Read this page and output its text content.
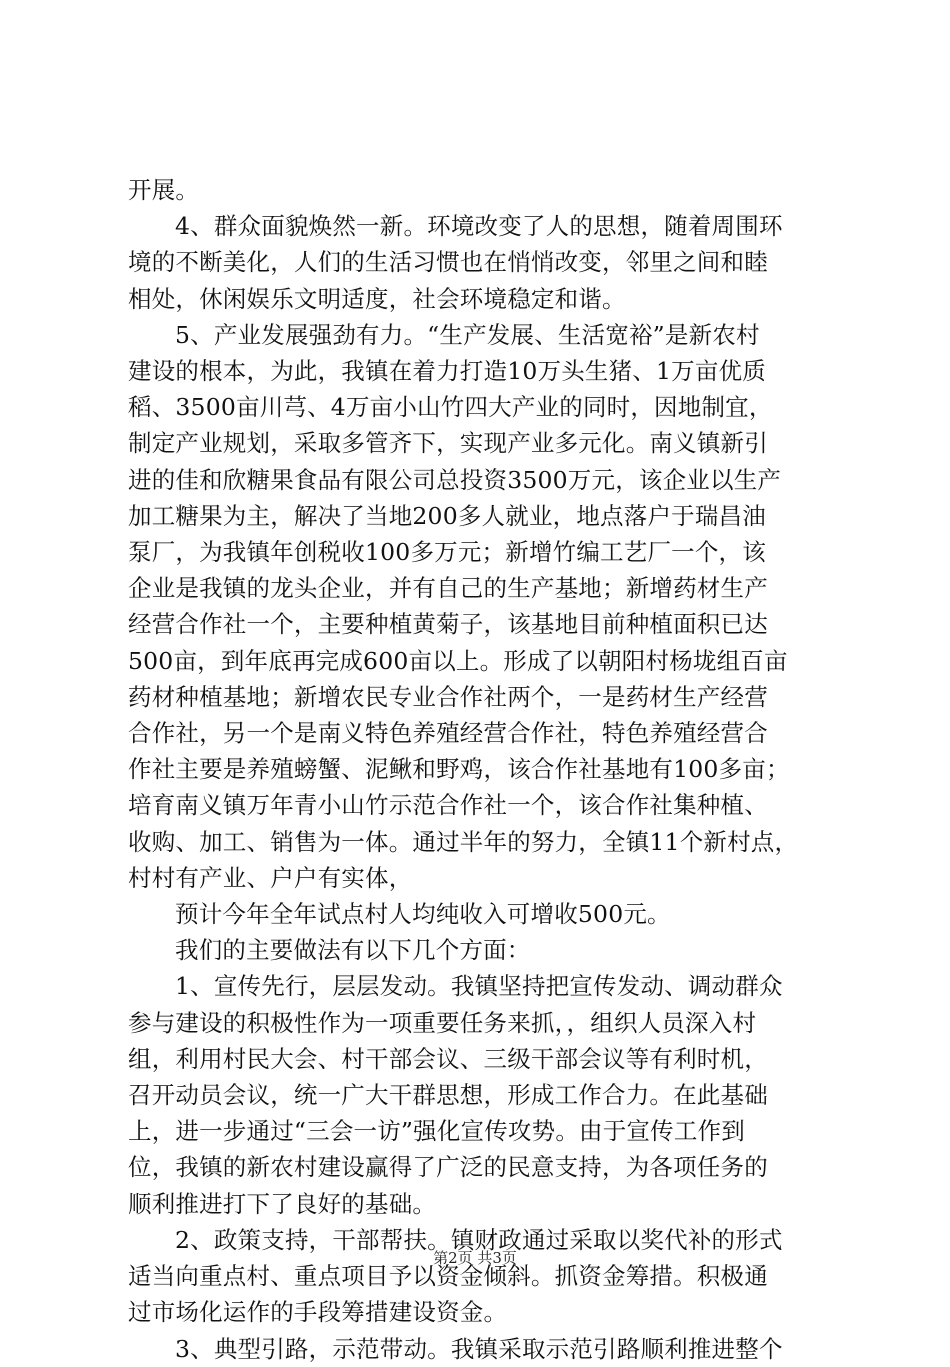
开展。

4、群众面貌焕然一新。环境改变了人的思想，随着周围环
境的不断美化，人们的生活习惯也在悄悄改变，邻里之间和睦
相处，休闲娱乐文明适度，社会环境稳定和谐。

5、产业发展强劲有力。“生产发展、生活宽裕”是新农村
建设的根本，为此，我镇在着力打造10万头生猪、1万亩优质
稻、3500亩川芎、4万亩小山竹四大产业的同时，因地制宜，
制定产业规划，采取多管齐下，实现产业多元化。南义镇新引
进的佳和欣糖果食品有限公司总投资3500万元，该企业以生产
加工糖果为主，解决了当地200多人就业，地点落户于瑞昌油
泵厂，为我镇年创税收100多万元；新增竹编工艺厂一个，该
企业是我镇的龙头企业，并有自己的生产基地；新增药材生产
经营合作社一个，主要种植黄菊子，该基地目前种植面积已达
500亩，到年底再完成600亩以上。形成了以朝阳村杨垅组百亩
药材种植基地；新增农民专业合作社两个，一是药材生产经营
合作社，另一个是南义特色养殖经营合作社，特色养殖经营合
作社主要是养殖螃蟹、泥鳅和野鸡，该合作社基地有100多亩；
培育南义镇万年青小山竹示范合作社一个，该合作社集种植、
收购、加工、销售为一体。通过半年的努力，全镇11个新村点，
村村有产业、户户有实体，

预计今年全年试点村人均纯收入可增收500元。

我们的主要做法有以下几个方面：

1、宣传先行，层层发动。我镇坚持把宣传发动、调动群众
参与建设的积极性作为一项重要任务来抓，，组织人员深入村
组，利用村民大会、村干部会议、三级干部会议等有利时机，
召开动员会议，统一广大干群思想，形成工作合力。在此基础
上，进一步通过“三会一访”强化宣传攻势。由于宣传工作到
位，我镇的新农村建设赢得了广泛的民意支持，为各项任务的
顺利推进打下了良好的基础。

2、政策支持，干部帮扶。镇财政通过采取以奖代补的形式
适当向重点村、重点项目予以资金倾斜。抓资金筹措。积极通
过市场化运作的手段筹措建设资金。

3、典型引路，示范带动。我镇采取示范引路顺利推进整个

第2页 共3页
